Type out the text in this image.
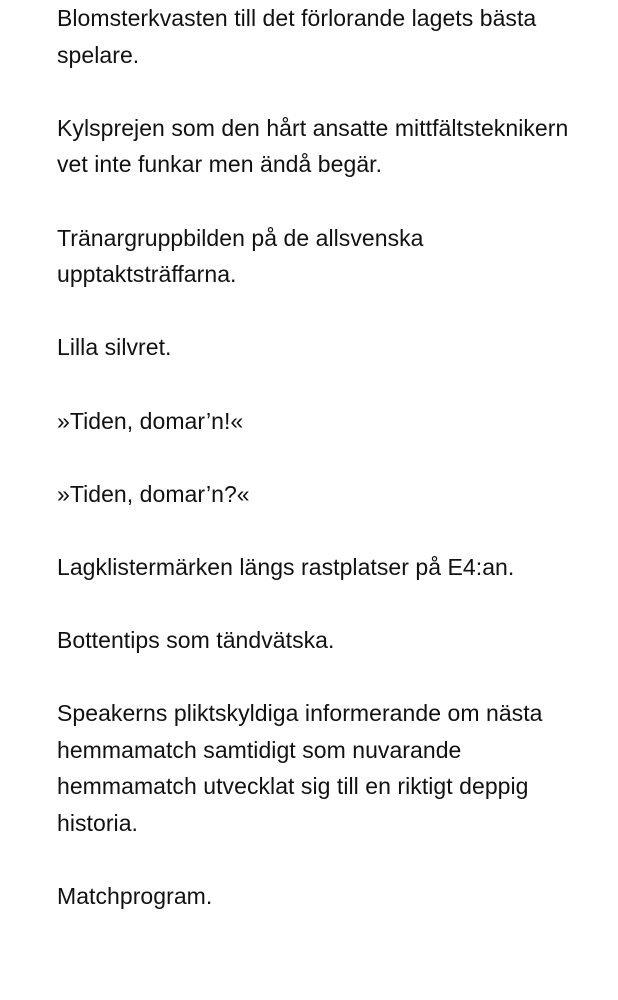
Blomsterkvasten till det förlorande lagets bästa spelare.

Kylsprejen som den hårt ansatte mittfältsteknikern vet inte funkar men ändå begär.

Tränargruppbilden på de allsvenska upptaktsträffarna.

Lilla silvret.

»Tiden, domar’n!«

»Tiden, domar’n?«

Lagklistermärken längs rastplatser på E4:an.

Bottentips som tändvätska.

Speakerns pliktskyldiga informerande om nästa hemmamatch samtidigt som nuvarande hemmamatch utvecklat sig till en riktigt deppig historia.

Matchprogram.
